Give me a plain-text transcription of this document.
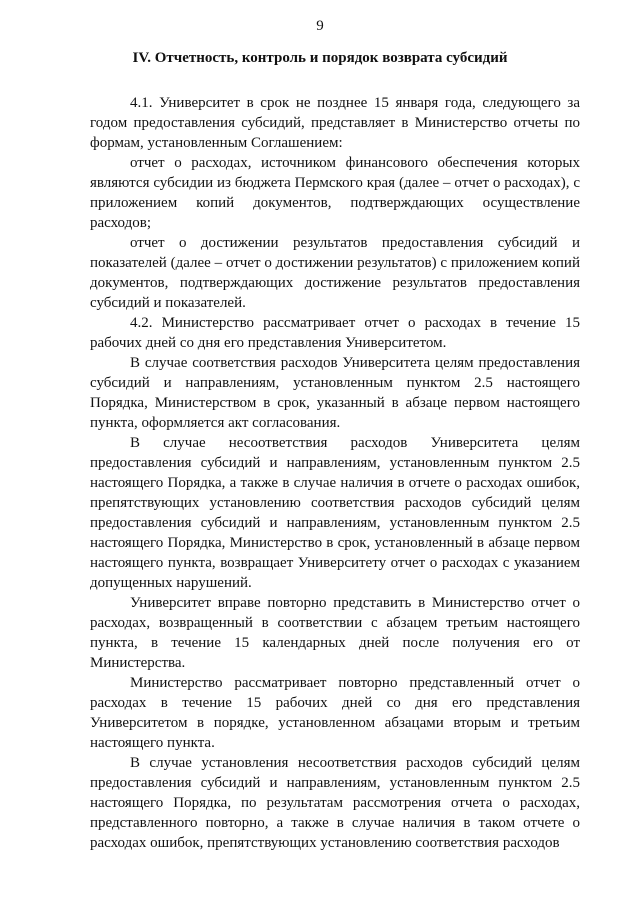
9
IV. Отчетность, контроль и порядок возврата субсидий

4.1. Университет в срок не позднее 15 января года, следующего за годом предоставления субсидий, представляет в Министерство отчеты по формам, установленным Соглашением:

отчет о расходах, источником финансового обеспечения которых являются субсидии из бюджета Пермского края (далее – отчет о расходах), с приложением копий документов, подтверждающих осуществление расходов;

отчет о достижении результатов предоставления субсидий и показателей (далее – отчет о достижении результатов) с приложением копий документов, подтверждающих достижение результатов предоставления субсидий и показателей.

4.2. Министерство рассматривает отчет о расходах в течение 15 рабочих дней со дня его представления Университетом.

В случае соответствия расходов Университета целям предоставления субсидий и направлениям, установленным пунктом 2.5 настоящего Порядка, Министерством в срок, указанный в абзаце первом настоящего пункта, оформляется акт согласования.

В случае несоответствия расходов Университета целям предоставления субсидий и направлениям, установленным пунктом 2.5 настоящего Порядка, а также в случае наличия в отчете о расходах ошибок, препятствующих установлению соответствия расходов субсидий целям предоставления субсидий и направлениям, установленным пунктом 2.5 настоящего Порядка, Министерство в срок, установленный в абзаце первом настоящего пункта, возвращает Университету отчет о расходах с указанием допущенных нарушений.

Университет вправе повторно представить в Министерство отчет о расходах, возвращенный в соответствии с абзацем третьим настоящего пункта, в течение 15 календарных дней после получения его от Министерства.

Министерство рассматривает повторно представленный отчет о расходах в течение 15 рабочих дней со дня его представления Университетом в порядке, установленном абзацами вторым и третьим настоящего пункта.

В случае установления несоответствия расходов субсидий целям предоставления субсидий и направлениям, установленным пунктом 2.5 настоящего Порядка, по результатам рассмотрения отчета о расходах, представленного повторно, а также в случае наличия в таком отчете о расходах ошибок, препятствующих установлению соответствия расходов
